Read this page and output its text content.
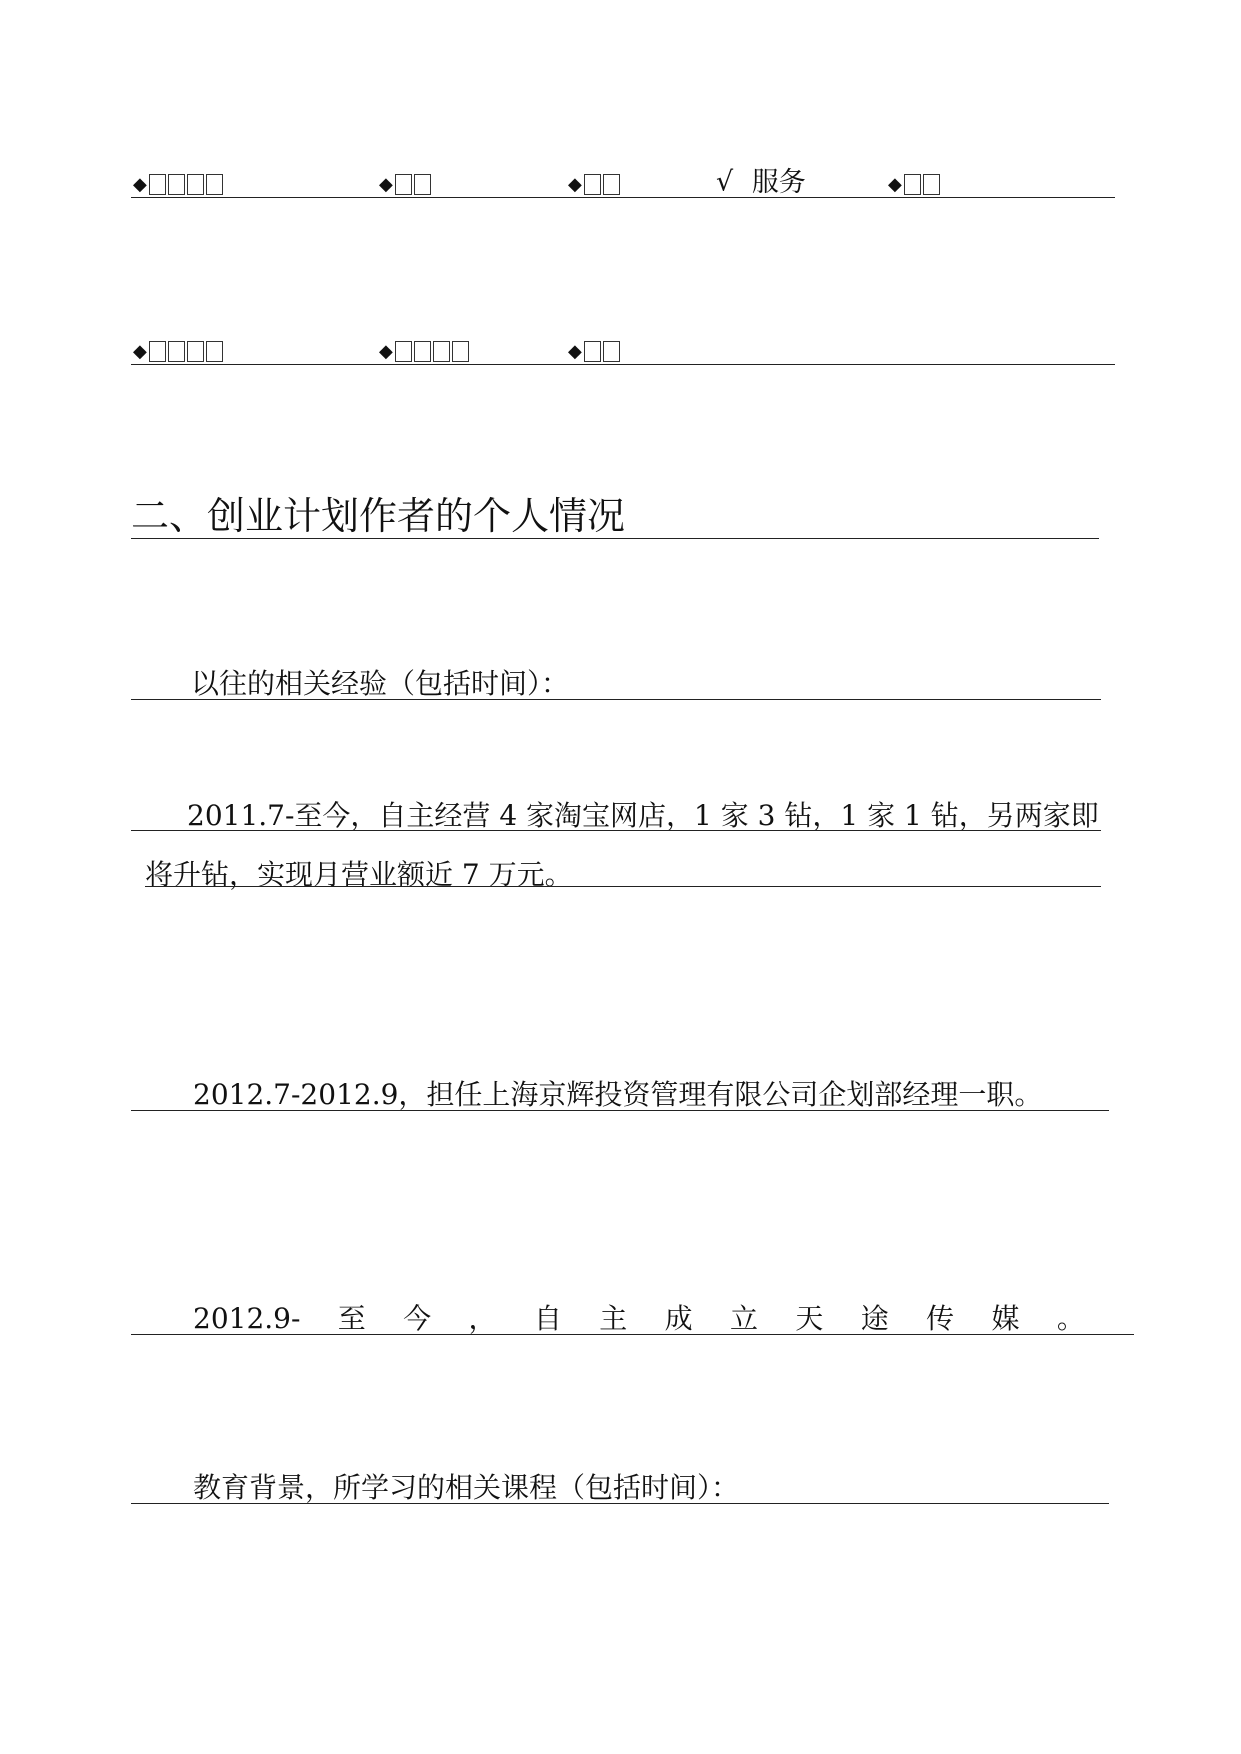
◆	◆	◆	√ 服务	◆
◆	◆	◆
二、创业计划作者的个人情况
以往的相关经验（包括时间）：
2011.7-至今，自主经营 4 家淘宝网店，1 家 3 钻，1 家 1 钻，另两家即
将升钻，实现月营业额近 7 万元。
2012.7-2012.9，担任上海京辉投资管理有限公司企划部经理一职。
2012.9- 至 今 ， 自 主 成 立 天 途 传 媒 。
教育背景，所学习的相关课程（包括时间）：
